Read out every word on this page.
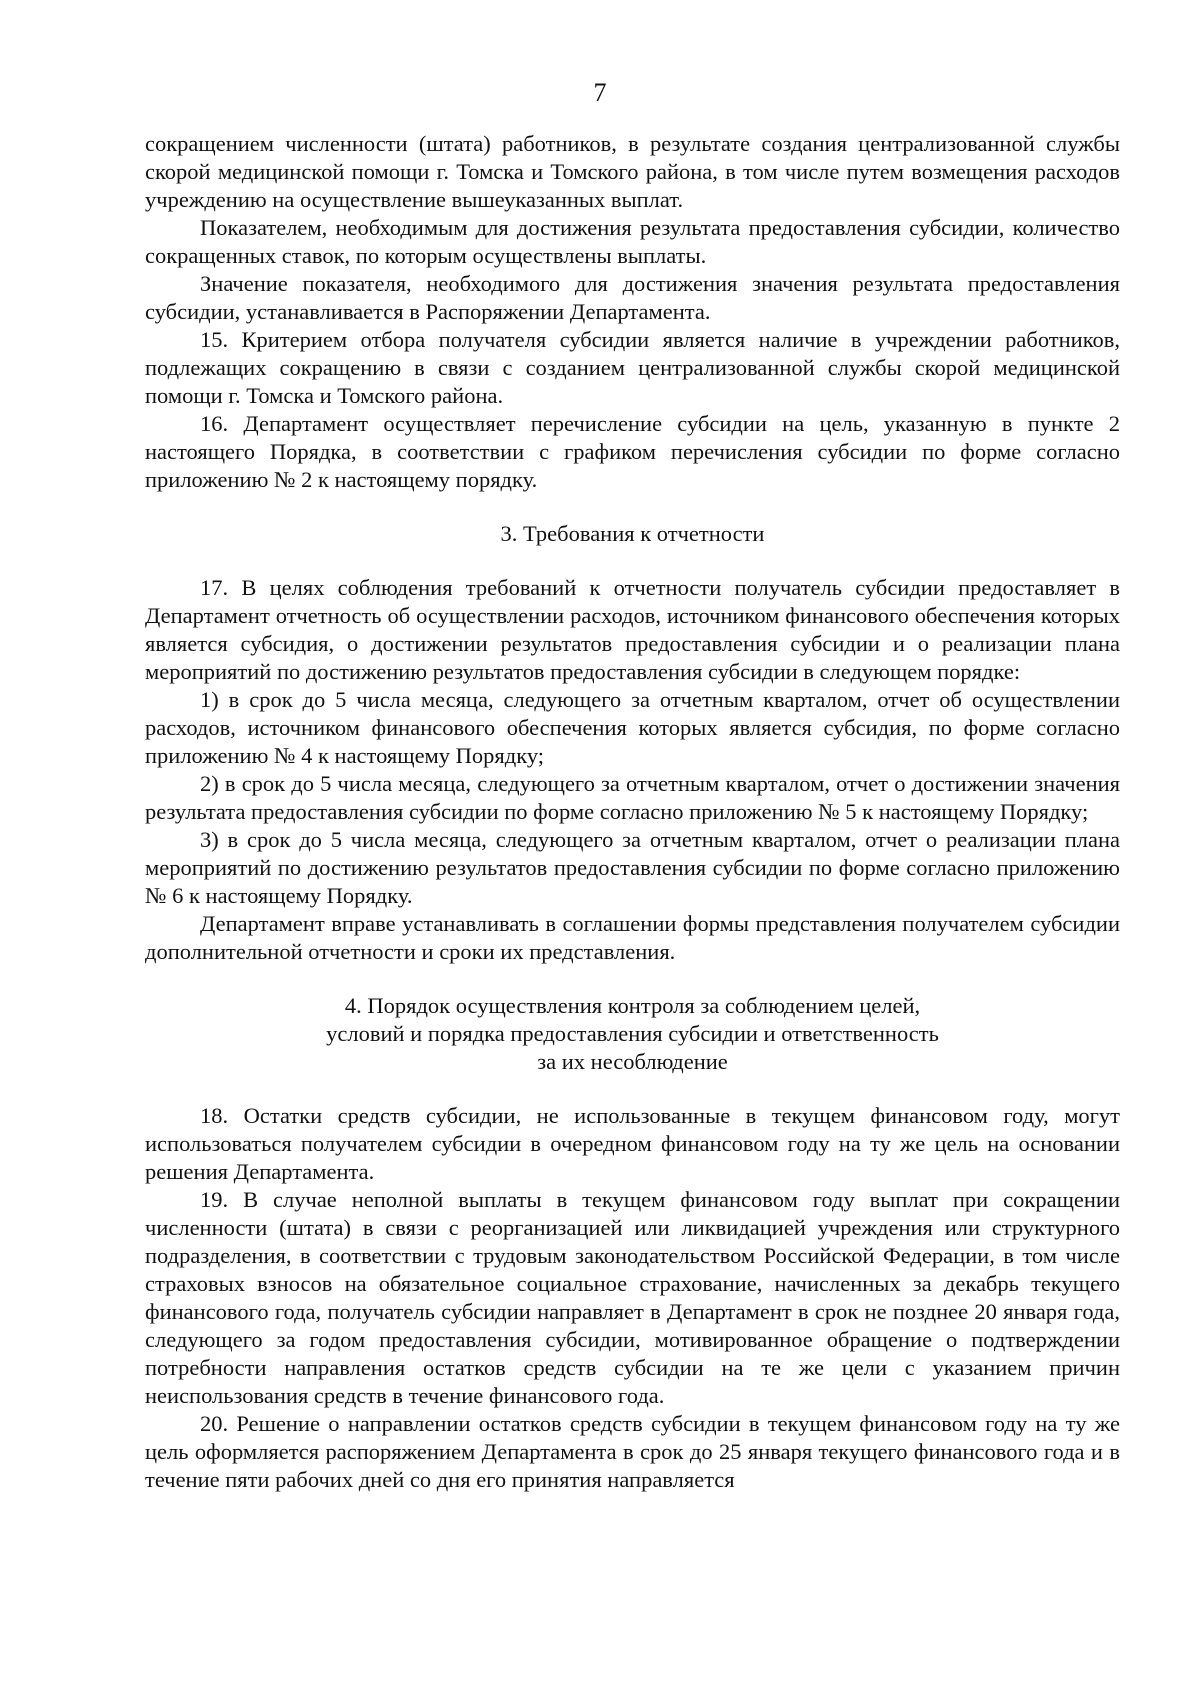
7

сокращением численности (штата) работников, в результате создания централизованной службы скорой медицинской помощи г. Томска и Томского района, в том числе путем возмещения расходов учреждению на осуществление вышеуказанных выплат.

Показателем, необходимым для достижения результата предоставления субсидии, количество сокращенных ставок, по которым осуществлены выплаты.

Значение показателя, необходимого для достижения значения результата предоставления субсидии, устанавливается в Распоряжении Департамента.

15. Критерием отбора получателя субсидии является наличие в учреждении работников, подлежащих сокращению в связи с созданием централизованной службы скорой медицинской помощи г. Томска и Томского района.

16. Департамент осуществляет перечисление субсидии на цель, указанную в пункте 2 настоящего Порядка, в соответствии с графиком перечисления субсидии по форме согласно приложению № 2 к настоящему порядку.

3. Требования к отчетности

17. В целях соблюдения требований к отчетности получатель субсидии предоставляет в Департамент отчетность об осуществлении расходов, источником финансового обеспечения которых является субсидия, о достижении результатов предоставления субсидии и о реализации плана мероприятий по достижению результатов предоставления субсидии в следующем порядке:

1) в срок до 5 числа месяца, следующего за отчетным кварталом, отчет об осуществлении расходов, источником финансового обеспечения которых является субсидия, по форме согласно приложению № 4 к настоящему Порядку;

2) в срок до 5 числа месяца, следующего за отчетным кварталом, отчет о достижении значения результата предоставления субсидии по форме согласно приложению № 5 к настоящему Порядку;

3) в срок до 5 числа месяца, следующего за отчетным кварталом, отчет о реализации плана мероприятий по достижению результатов предоставления субсидии по форме согласно приложению № 6 к настоящему Порядку.

Департамент вправе устанавливать в соглашении формы представления получателем субсидии дополнительной отчетности и сроки их представления.

4. Порядок осуществления контроля за соблюдением целей,
условий и порядка предоставления субсидии и ответственность
за их несоблюдение

18. Остатки средств субсидии, не использованные в текущем финансовом году, могут использоваться получателем субсидии в очередном финансовом году на ту же цель на основании решения Департамента.

19. В случае неполной выплаты в текущем финансовом году выплат при сокращении численности (штата) в связи с реорганизацией или ликвидацией учреждения или структурного подразделения, в соответствии с трудовым законодательством Российской Федерации, в том числе страховых взносов на обязательное социальное страхование, начисленных за декабрь текущего финансового года, получатель субсидии направляет в Департамент в срок не позднее 20 января года, следующего за годом предоставления субсидии, мотивированное обращение о подтверждении потребности направления остатков средств субсидии на те же цели с указанием причин неиспользования средств в течение финансового года.

20. Решение о направлении остатков средств субсидии в текущем финансовом году на ту же цель оформляется распоряжением Департамента в срок до 25 января текущего финансового года и в течение пяти рабочих дней со дня его принятия направляется
